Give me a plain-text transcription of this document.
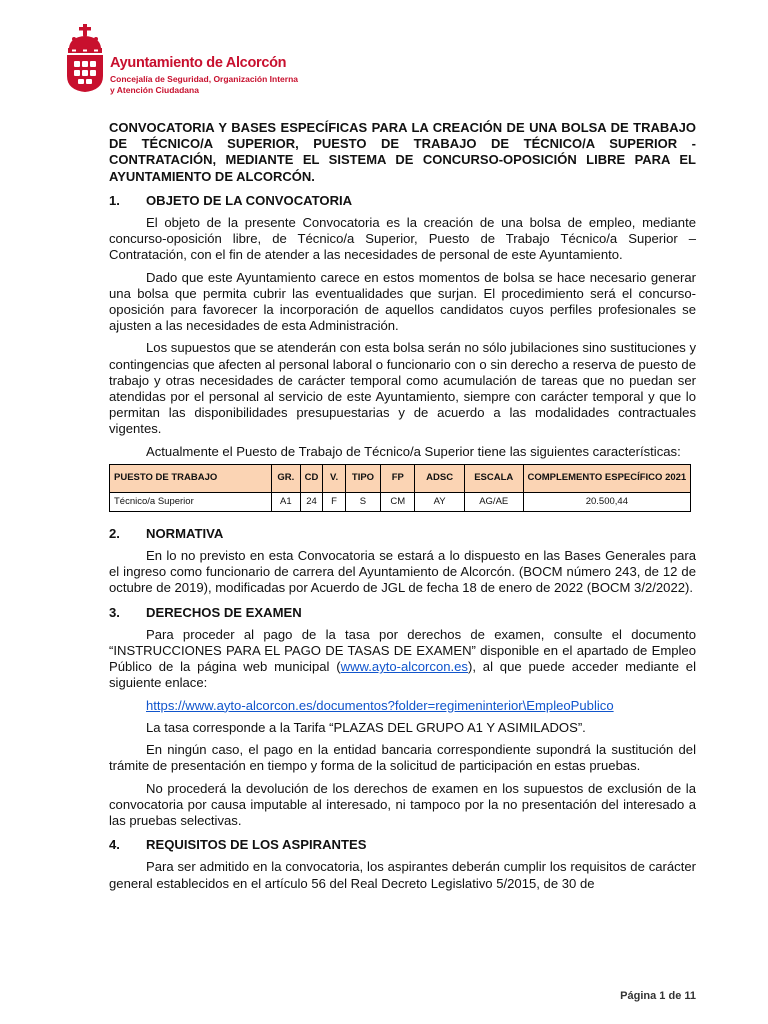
Ayuntamiento de Alcorcón
Concejalía de Seguridad, Organización Interna
y Atención Ciudadana
CONVOCATORIA Y BASES ESPECÍFICAS PARA LA CREACIÓN DE UNA BOLSA DE TRABAJO DE TÉCNICO/A SUPERIOR, PUESTO DE TRABAJO DE TÉCNICO/A SUPERIOR - CONTRATACIÓN, MEDIANTE EL SISTEMA DE CONCURSO-OPOSICIÓN LIBRE PARA EL AYUNTAMIENTO DE ALCORCÓN.
1.	OBJETO DE LA CONVOCATORIA

El objeto de la presente Convocatoria es la creación de una bolsa de empleo, mediante concurso-oposición libre, de Técnico/a Superior, Puesto de Trabajo Técnico/a Superior – Contratación, con el fin de atender a las necesidades de personal de este Ayuntamiento.

Dado que este Ayuntamiento carece en estos momentos de bolsa se hace necesario generar una bolsa que permita cubrir las eventualidades que surjan. El procedimiento será el concurso-oposición para favorecer la incorporación de aquellos candidatos cuyos perfiles profesionales se ajusten a las necesidades de esta Administración.

Los supuestos que se atenderán con esta bolsa serán no sólo jubilaciones sino sustituciones y contingencias que afecten al personal laboral o funcionario con o sin derecho a reserva de puesto de trabajo y otras necesidades de carácter temporal como acumulación de tareas que no puedan ser atendidas por el personal al servicio de este Ayuntamiento, siempre con carácter temporal y que lo permitan las disponibilidades presupuestarias y de acuerdo a las modalidades contractuales vigentes.

Actualmente el Puesto de Trabajo de Técnico/a Superior tiene las siguientes características:

PUESTO DE TRABAJO	GR.	CD	V.	TIPO	FP	ADSC	ESCALA	COMPLEMENTO ESPECÍFICO 2021
Técnico/a Superior	A1	24	F	S	CM	AY	AG/AE	20.500,44
2.	NORMATIVA

En lo no previsto en esta Convocatoria se estará a lo dispuesto en las Bases Generales para el ingreso como funcionario de carrera del Ayuntamiento de Alcorcón. (BOCM número 243, de 12 de octubre de 2019), modificadas por Acuerdo de JGL de fecha 18 de enero de 2022 (BOCM 3/2/2022).

3.	DERECHOS DE EXAMEN

Para proceder al pago de la tasa por derechos de examen, consulte el documento “INSTRUCCIONES PARA EL PAGO DE TASAS DE EXAMEN” disponible en el apartado de Empleo Público de la página web municipal (www.ayto-alcorcon.es), al que puede acceder mediante el siguiente enlace:

https://www.ayto-alcorcon.es/documentos?folder=regimeninterior\EmpleoPublico

La tasa corresponde a la Tarifa “PLAZAS DEL GRUPO A1 Y ASIMILADOS”.

En ningún caso, el pago en la entidad bancaria correspondiente supondrá la sustitución del trámite de presentación en tiempo y forma de la solicitud de participación en estas pruebas.

No procederá la devolución de los derechos de examen en los supuestos de exclusión de la convocatoria por causa imputable al interesado, ni tampoco por la no presentación del interesado a las pruebas selectivas.

4.	REQUISITOS DE LOS ASPIRANTES

Para ser admitido en la convocatoria, los aspirantes deberán cumplir los requisitos de carácter general establecidos en el artículo 56 del Real Decreto Legislativo 5/2015, de 30 de

Página 1 de 11
